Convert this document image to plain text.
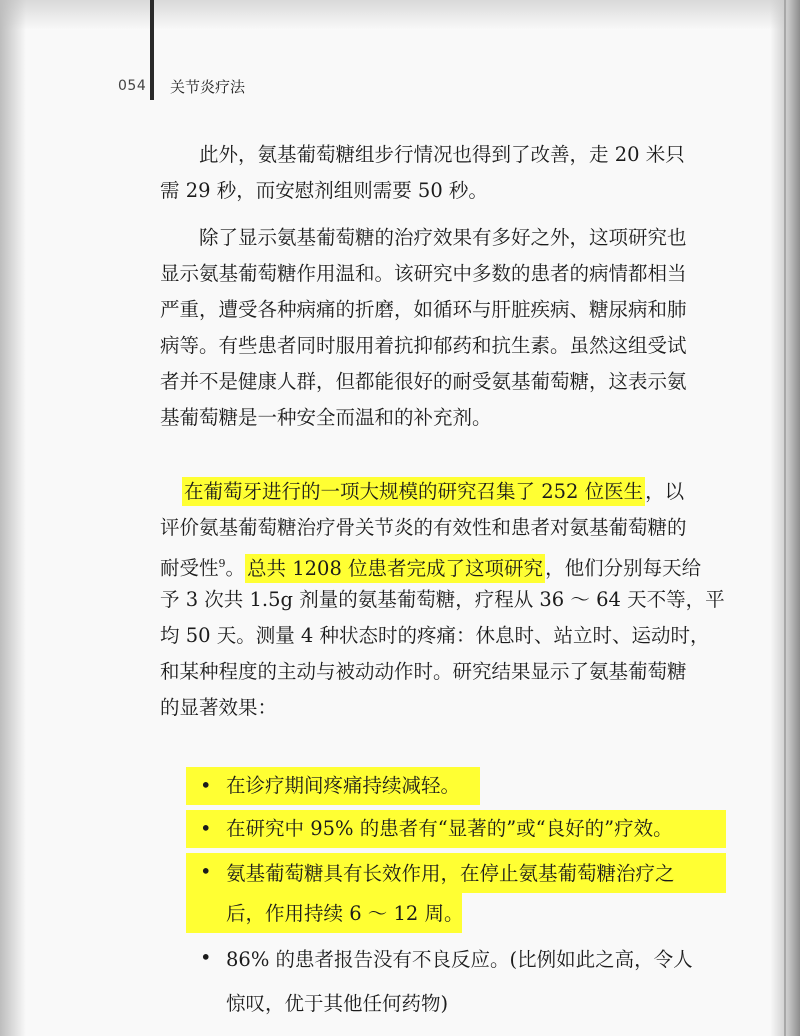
054 关节炎疗法
此外，氨基葡萄糖组步行情况也得到了改善，走 20 米只
需 29 秒，而安慰剂组则需要 50 秒。
除了显示氨基葡萄糖的治疗效果有多好之外，这项研究也
显示氨基葡萄糖作用温和。该研究中多数的患者的病情都相当
严重，遭受各种病痛的折磨，如循环与肝脏疾病、糖尿病和肺
病等。有些患者同时服用着抗抑郁药和抗生素。虽然这组受试
者并不是健康人群，但都能很好的耐受氨基葡萄糖，这表示氨
基葡萄糖是一种安全而温和的补充剂。
在葡萄牙进行的一项大规模的研究召集了 252 位医生 ，以
评价氨基葡萄糖治疗骨关节炎的有效性和患者对氨基葡萄糖的
耐受性$^9$。 总共 1208 位患者完成了这项研究 ，他们分别每天给
予 3 次共 1.5g 剂量的氨基葡萄糖，疗程从 36 ～ 64 天不等，平
均 50 天。测量 4 种状态时的疼痛：休息时、站立时、运动时，
和某种程度的主动与被动动作时。研究结果显示了氨基葡萄糖
的显著效果：
• 在诊疗期间疼痛持续减轻。
• 在研究中 95% 的患者有“显著的”或“良好的”疗效。
• 氨基葡萄糖具有长效作用，在停止氨基葡萄糖治疗之
后，作用持续 6 ～ 12 周。
• 86% 的患者报告没有不良反应。(比例如此之高，令人
惊叹，优于其他任何药物)
